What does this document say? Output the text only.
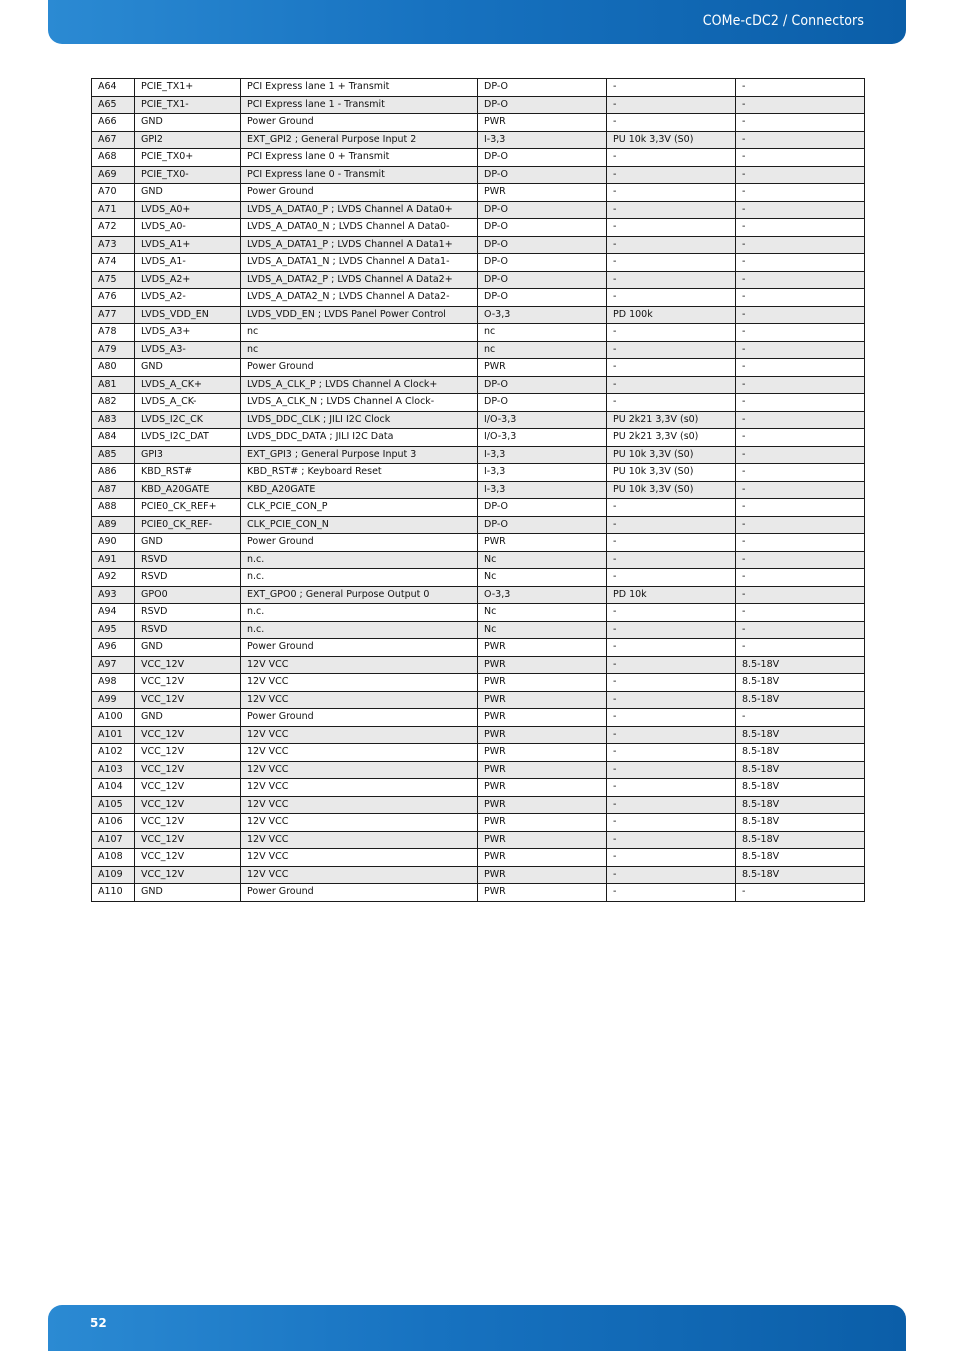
COMe-cDC2 / Connectors
A64	PCIE_TX1+	PCI Express lane 1 + Transmit	DP-O	-	-
A65	PCIE_TX1-	PCI Express lane 1 - Transmit	DP-O	-	-
A66	GND	Power Ground	PWR	-	-
A67	GPI2	EXT_GPI2 ; General Purpose Input 2	I-3,3	PU 10k 3,3V (S0)	-
A68	PCIE_TX0+	PCI Express lane 0 + Transmit	DP-O	-	-
A69	PCIE_TX0-	PCI Express lane 0 - Transmit	DP-O	-	-
A70	GND	Power Ground	PWR	-	-
A71	LVDS_A0+	LVDS_A_DATA0_P ; LVDS Channel A Data0+	DP-O	-	-
A72	LVDS_A0-	LVDS_A_DATA0_N ; LVDS Channel A Data0-	DP-O	-	-
A73	LVDS_A1+	LVDS_A_DATA1_P ; LVDS Channel A Data1+	DP-O	-	-
A74	LVDS_A1-	LVDS_A_DATA1_N ; LVDS Channel A Data1-	DP-O	-	-
A75	LVDS_A2+	LVDS_A_DATA2_P ; LVDS Channel A Data2+	DP-O	-	-
A76	LVDS_A2-	LVDS_A_DATA2_N ; LVDS Channel A Data2-	DP-O	-	-
A77	LVDS_VDD_EN	LVDS_VDD_EN ; LVDS Panel Power Control	O-3,3	PD 100k	-
A78	LVDS_A3+	nc	nc	-	-
A79	LVDS_A3-	nc	nc	-	-
A80	GND	Power Ground	PWR	-	-
A81	LVDS_A_CK+	LVDS_A_CLK_P ; LVDS Channel A Clock+	DP-O	-	-
A82	LVDS_A_CK-	LVDS_A_CLK_N ; LVDS Channel A Clock-	DP-O	-	-
A83	LVDS_I2C_CK	LVDS_DDC_CLK ; JILI I2C Clock	I/O-3,3	PU 2k21 3,3V (s0)	-
A84	LVDS_I2C_DAT	LVDS_DDC_DATA ; JILI I2C Data	I/O-3,3	PU 2k21 3,3V (s0)	-
A85	GPI3	EXT_GPI3 ; General Purpose Input 3	I-3,3	PU 10k 3,3V (S0)	-
A86	KBD_RST#	KBD_RST# ; Keyboard Reset	I-3,3	PU 10k 3,3V (S0)	-
A87	KBD_A20GATE	KBD_A20GATE	I-3,3	PU 10k 3,3V (S0)	-
A88	PCIE0_CK_REF+	CLK_PCIE_CON_P	DP-O	-	-
A89	PCIE0_CK_REF-	CLK_PCIE_CON_N	DP-O	-	-
A90	GND	Power Ground	PWR	-	-
A91	RSVD	n.c.	Nc	-	-
A92	RSVD	n.c.	Nc	-	-
A93	GPO0	EXT_GPO0 ; General Purpose Output 0	O-3,3	PD 10k	-
A94	RSVD	n.c.	Nc	-	-
A95	RSVD	n.c.	Nc	-	-
A96	GND	Power Ground	PWR	-	-
A97	VCC_12V	12V VCC	PWR	-	8.5-18V
A98	VCC_12V	12V VCC	PWR	-	8.5-18V
A99	VCC_12V	12V VCC	PWR	-	8.5-18V
A100	GND	Power Ground	PWR	-	-
A101	VCC_12V	12V VCC	PWR	-	8.5-18V
A102	VCC_12V	12V VCC	PWR	-	8.5-18V
A103	VCC_12V	12V VCC	PWR	-	8.5-18V
A104	VCC_12V	12V VCC	PWR	-	8.5-18V
A105	VCC_12V	12V VCC	PWR	-	8.5-18V
A106	VCC_12V	12V VCC	PWR	-	8.5-18V
A107	VCC_12V	12V VCC	PWR	-	8.5-18V
A108	VCC_12V	12V VCC	PWR	-	8.5-18V
A109	VCC_12V	12V VCC	PWR	-	8.5-18V
A110	GND	Power Ground	PWR	-	-
52
